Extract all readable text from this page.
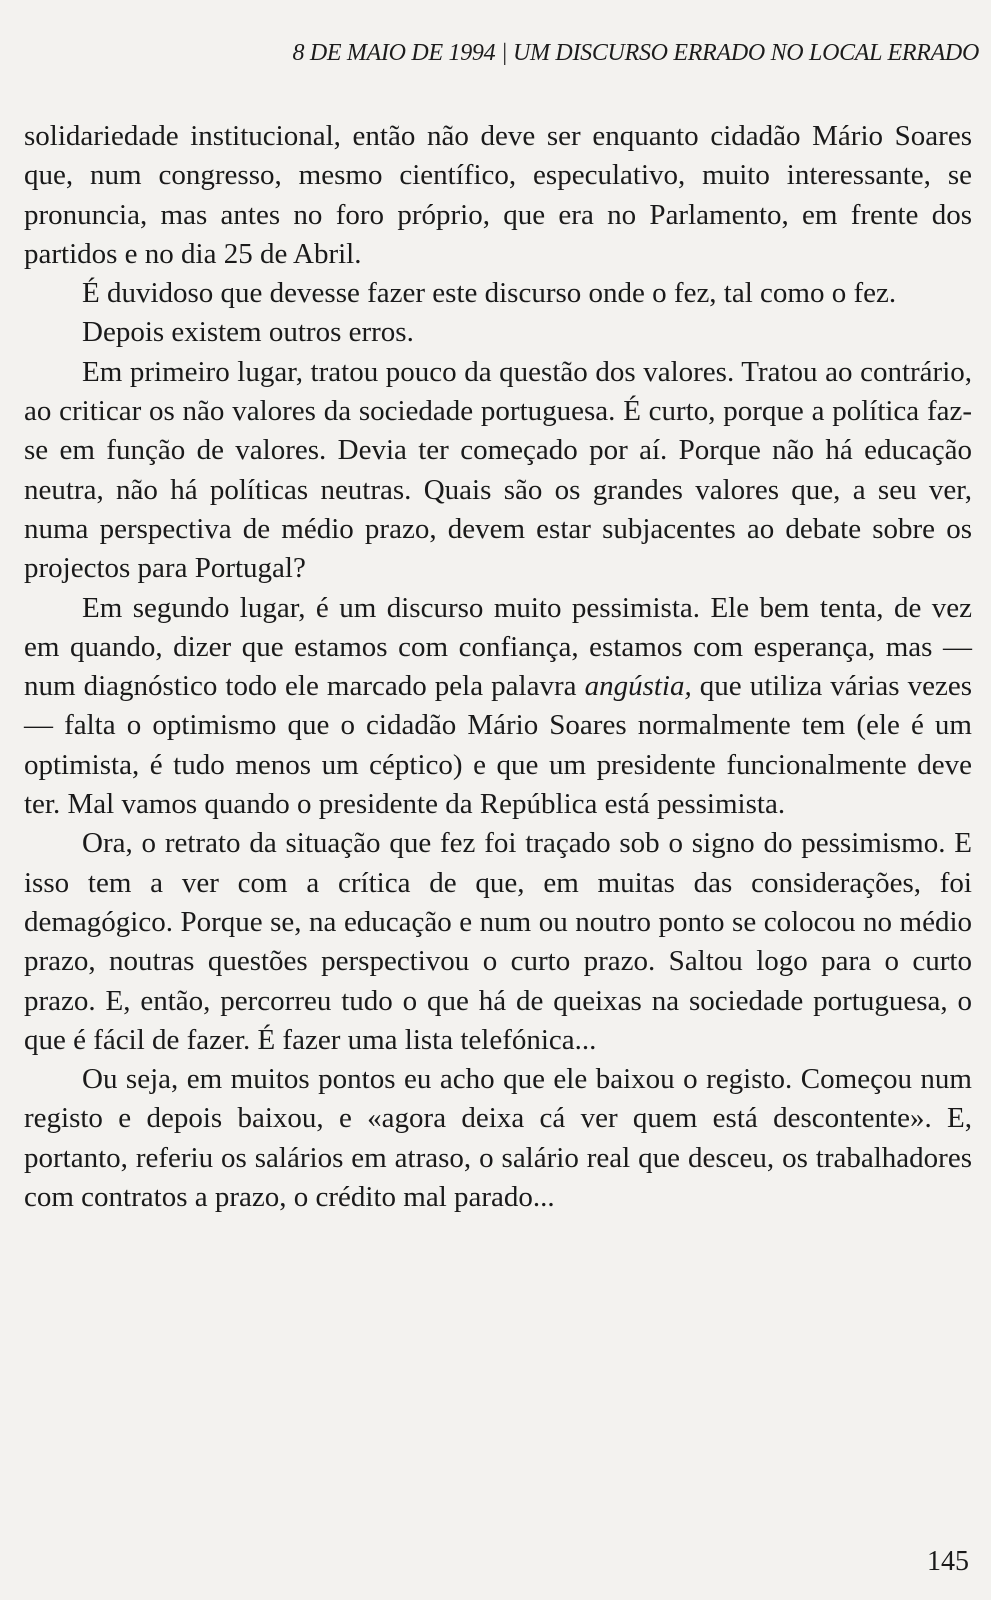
8 DE MAIO DE 1994 | UM DISCURSO ERRADO NO LOCAL ERRADO

solidariedade institucional, então não deve ser enquanto cidadão Mário Soares que, num congresso, mesmo científico, especulativo, muito interessante, se pronuncia, mas antes no foro próprio, que era no Parlamento, em frente dos partidos e no dia 25 de Abril.

É duvidoso que devesse fazer este discurso onde o fez, tal como o fez.

Depois existem outros erros.

Em primeiro lugar, tratou pouco da questão dos valores. Tratou ao contrário, ao criticar os não valores da sociedade portuguesa. É curto, porque a política faz-se em função de valores. Devia ter começado por aí. Porque não há educação neutra, não há políticas neutras. Quais são os grandes valores que, a seu ver, numa perspectiva de médio prazo, devem estar subjacentes ao debate sobre os projectos para Portugal?

Em segundo lugar, é um discurso muito pessimista. Ele bem tenta, de vez em quando, dizer que estamos com confiança, estamos com esperança, mas — num diagnóstico todo ele marcado pela palavra angústia, que utiliza várias vezes — falta o optimismo que o cidadão Mário Soares normalmente tem (ele é um optimista, é tudo menos um céptico) e que um presidente funcionalmente deve ter. Mal vamos quando o presidente da República está pessimista.

Ora, o retrato da situação que fez foi traçado sob o signo do pessimismo. E isso tem a ver com a crítica de que, em muitas das considerações, foi demagógico. Porque se, na educação e num ou noutro ponto se colocou no médio prazo, noutras questões perspectivou o curto prazo. Saltou logo para o curto prazo. E, então, percorreu tudo o que há de queixas na sociedade portuguesa, o que é fácil de fazer. É fazer uma lista telefónica...

Ou seja, em muitos pontos eu acho que ele baixou o registo. Começou num registo e depois baixou, e «agora deixa cá ver quem está descontente». E, portanto, referiu os salários em atraso, o salário real que desceu, os trabalhadores com contratos a prazo, o crédito mal parado...

145
